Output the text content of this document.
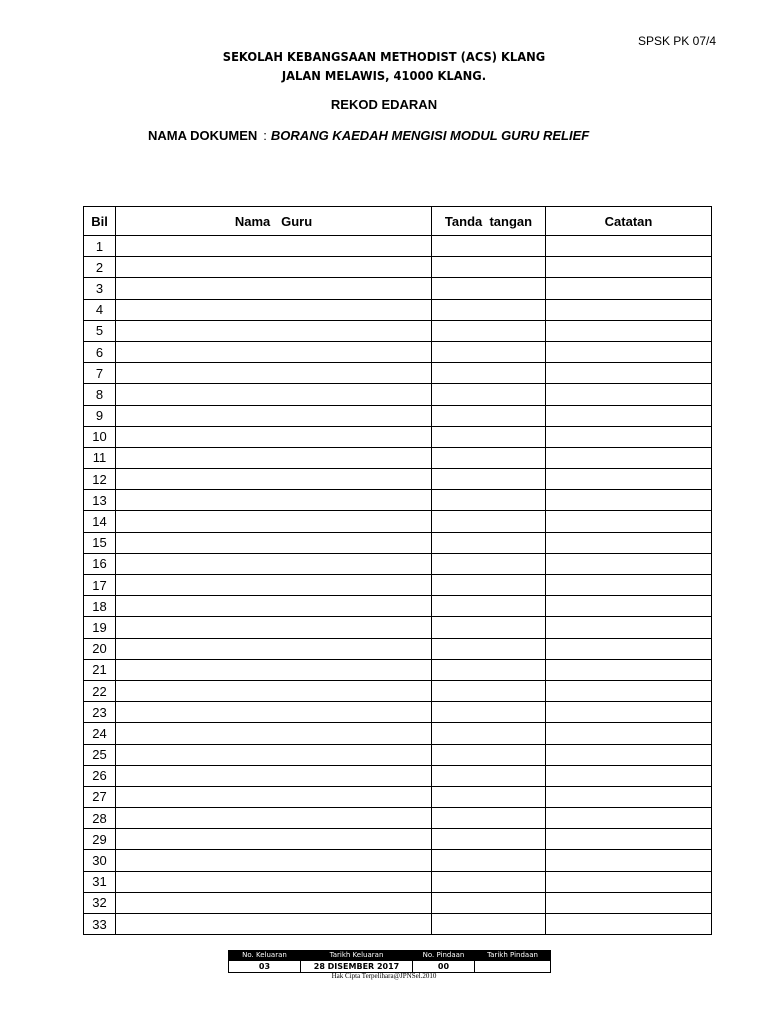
SPSK PK 07/4
SEKOLAH KEBANGSAAN METHODIST (ACS) KLANG
JALAN MELAWIS, 41000 KLANG.
REKOD EDARAN
NAMA DOKUMEN : BORANG KAEDAH MENGISI MODUL GURU RELIEF
Bil	Nama   Guru	Tanda  tangan	Catatan
1			
2			
3			
4			
5			
6			
7			
8			
9			
10			
11			
12			
13			
14			
15			
16			
17			
18			
19			
20			
21			
22			
23			
24			
25			
26			
27			
28			
29			
30			
31			
32			
33			
No. Keluaran	Tarikh Keluaran	No. Pindaan	Tarikh Pindaan
03	28 DISEMBER 2017	00	
Hak Cipta Terpelihara@JPNSel.2010
